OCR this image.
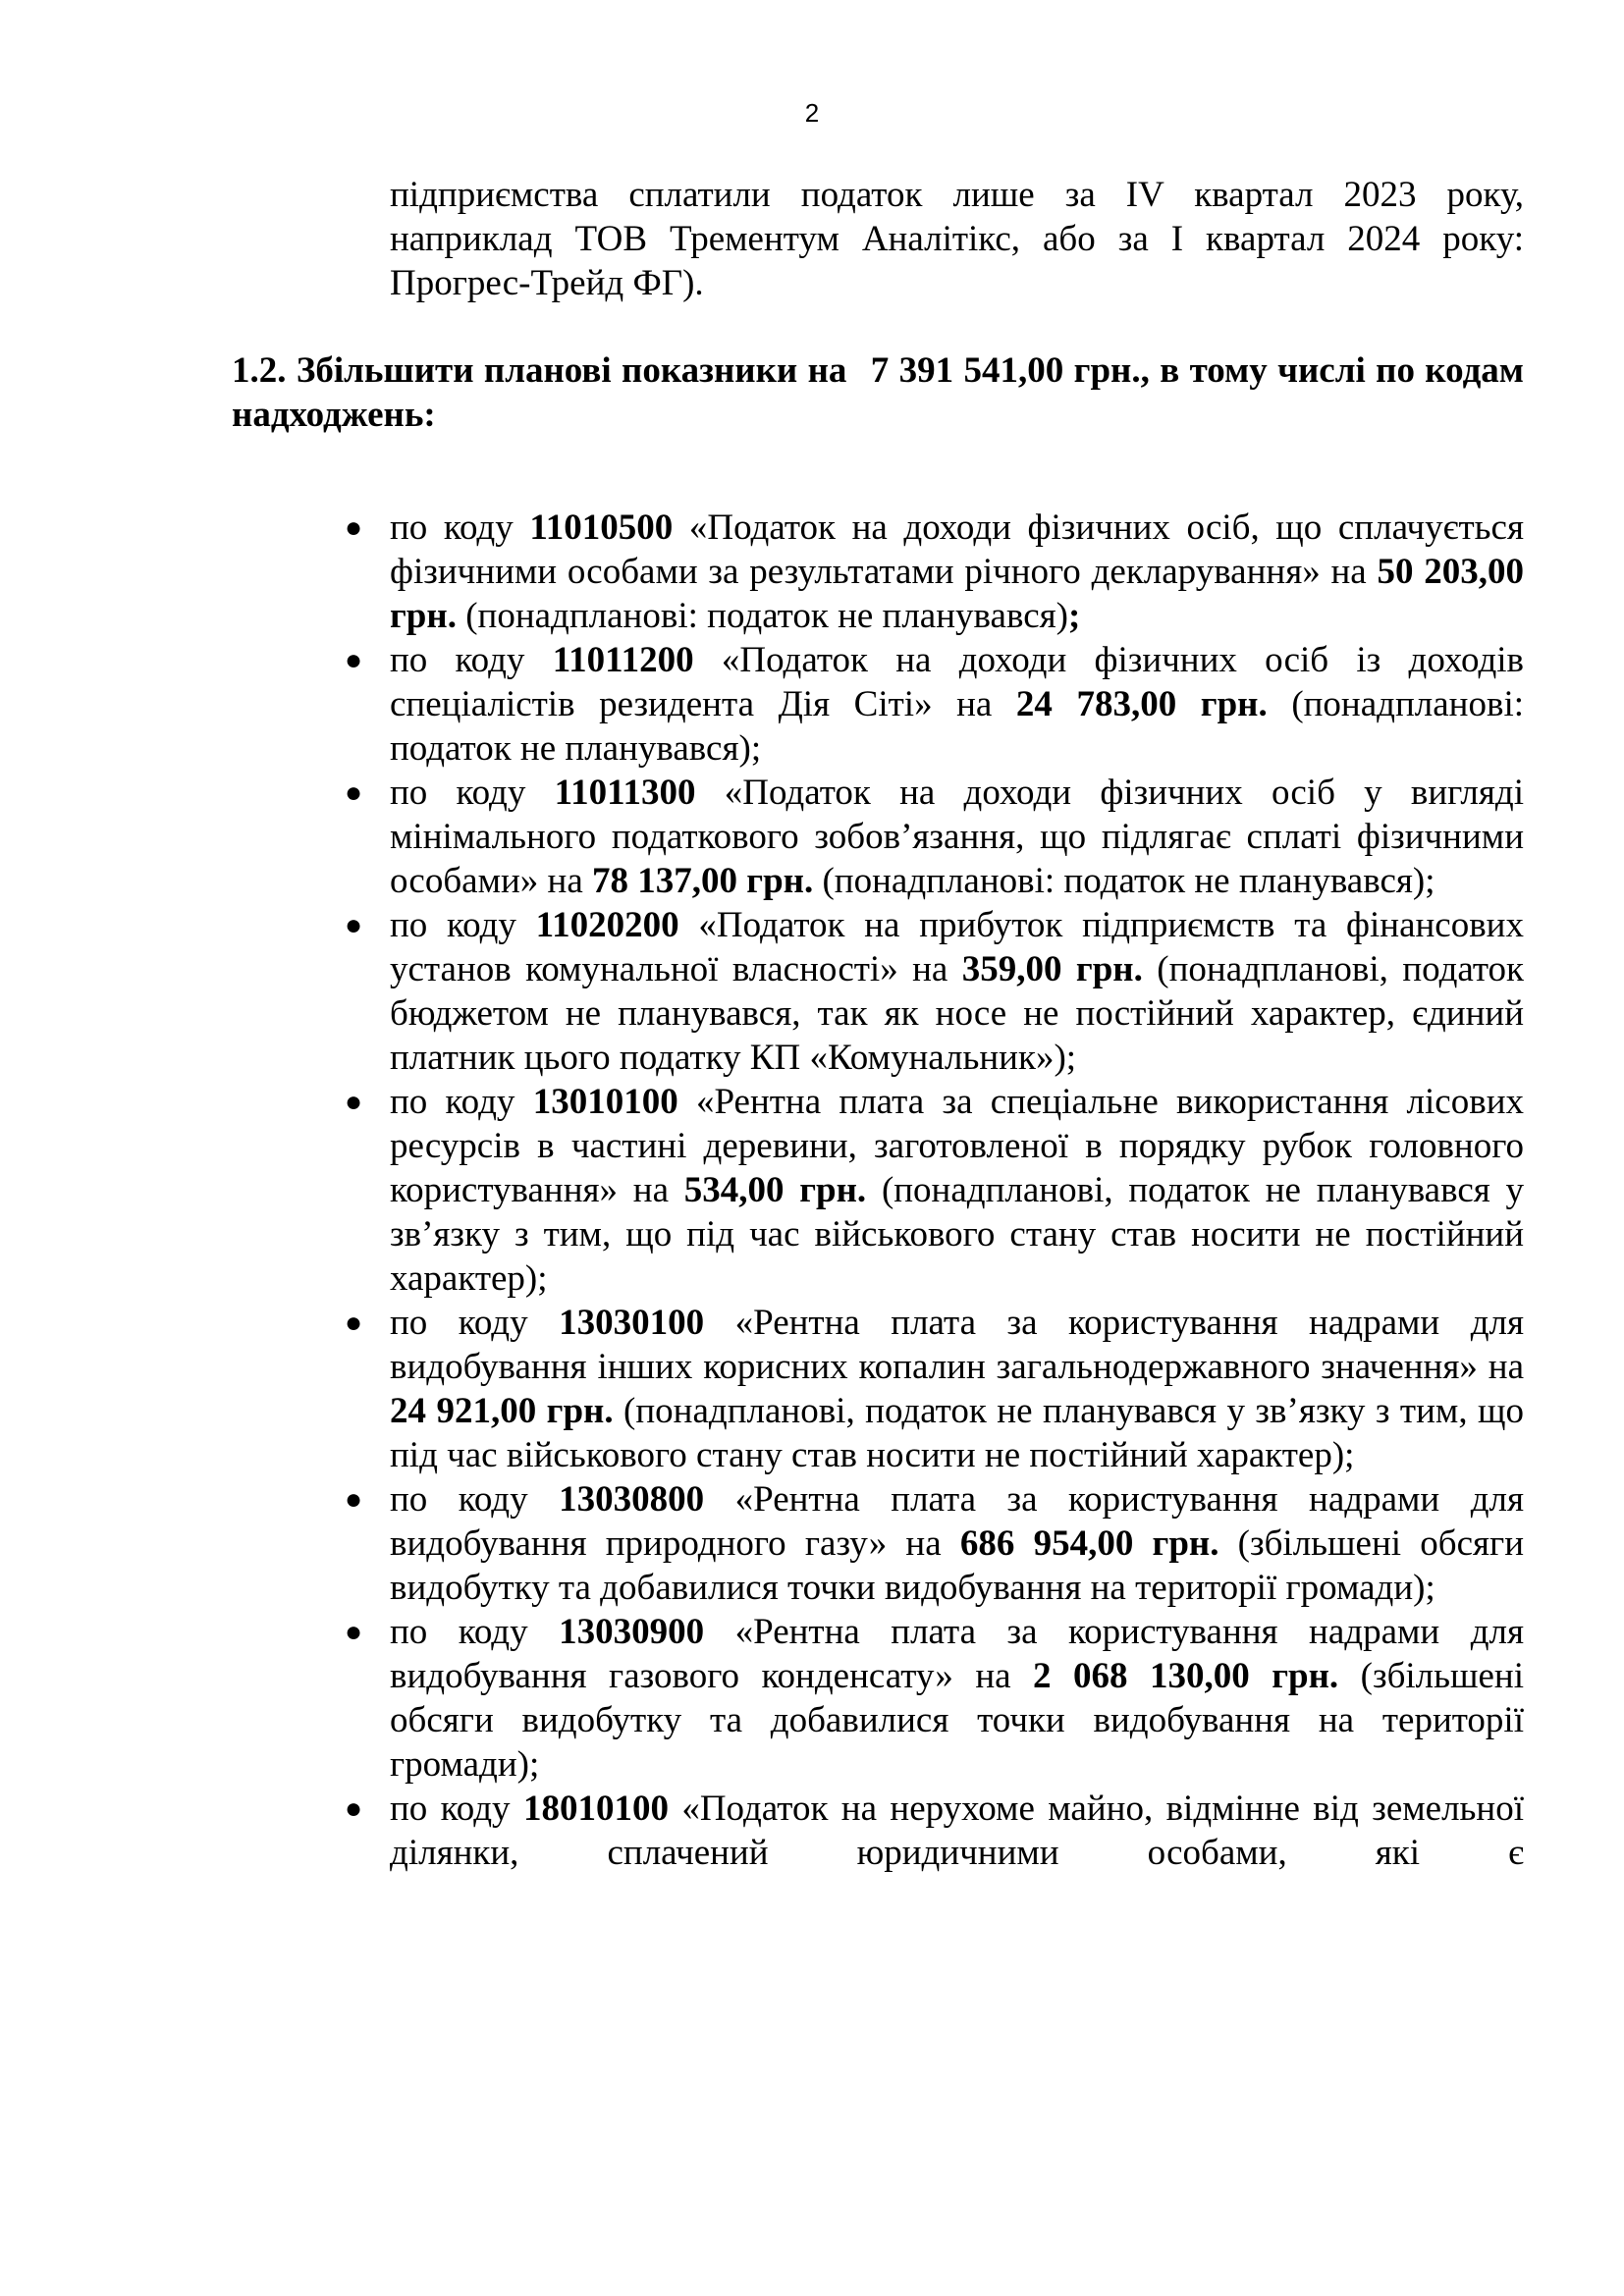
2
підприємства сплатили податок лише за IV квартал 2023 року, наприклад ТОВ Трементум Аналітікс, або за I квартал 2024 року: Прогрес-Трейд ФГ).
1.2. Збільшити планові показники на 7 391 541,00 грн., в тому числі по кодам надходжень:
● по коду 11010500 «Податок на доходи фізичних осіб, що сплачується фізичними особами за результатами річного декларування» на 50 203,00 грн. (понадпланові: податок не планувався);
● по коду 11011200 «Податок на доходи фізичних осіб із доходів спеціалістів резидента Дія Сіті» на 24 783,00 грн. (понадпланові: податок не планувався);
● по коду 11011300 «Податок на доходи фізичних осіб у вигляді мінімального податкового зобов’язання, що підлягає сплаті фізичними особами» на 78 137,00 грн. (понадпланові: податок не планувався);
● по коду 11020200 «Податок на прибуток підприємств та фінансових установ комунальної власності» на 359,00 грн. (понадпланові, податок бюджетом не планувався, так як носе не постійний характер, єдиний платник цього податку КП «Комунальник»);
● по коду 13010100 «Рентна плата за спеціальне використання лісових ресурсів в частині деревини, заготовленої в порядку рубок головного користування» на 534,00 грн. (понадпланові, податок не планувався у зв’язку з тим, що під час військового стану став носити не постійний характер);
● по коду 13030100 «Рентна плата за користування надрами для видобування інших корисних копалин загальнодержавного значення» на 24 921,00 грн. (понадпланові, податок не планувався у зв’язку з тим, що під час військового стану став носити не постійний характер);
● по коду 13030800 «Рентна плата за користування надрами для видобування природного газу» на 686 954,00 грн. (збільшені обсяги видобутку та добавилися точки видобування на території громади);
● по коду 13030900 «Рентна плата за користування надрами для видобування газового конденсату» на 2 068 130,00 грн. (збільшені обсяги видобутку та добавилися точки видобування на території громади);
● по коду 18010100 «Податок на нерухоме майно, відмінне від земельної ділянки, сплачений юридичними особами, які є
